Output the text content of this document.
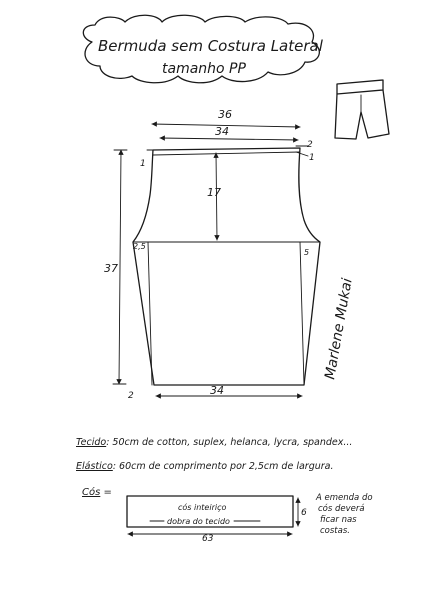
Bermuda sem Costura Lateral
tamanho PP
36
34
17
37
34
1
2
1
2
2,5
5
Marlene Mukai
cós inteiriço
dobra do tecido
6
63
A emenda do
cós deverá
ficar nas
costas.
Tecido: 50cm de cotton, suplex, helanca, lycra, spandex...
Elástico: 60cm de comprimento por 2,5cm de largura.
Cós =
